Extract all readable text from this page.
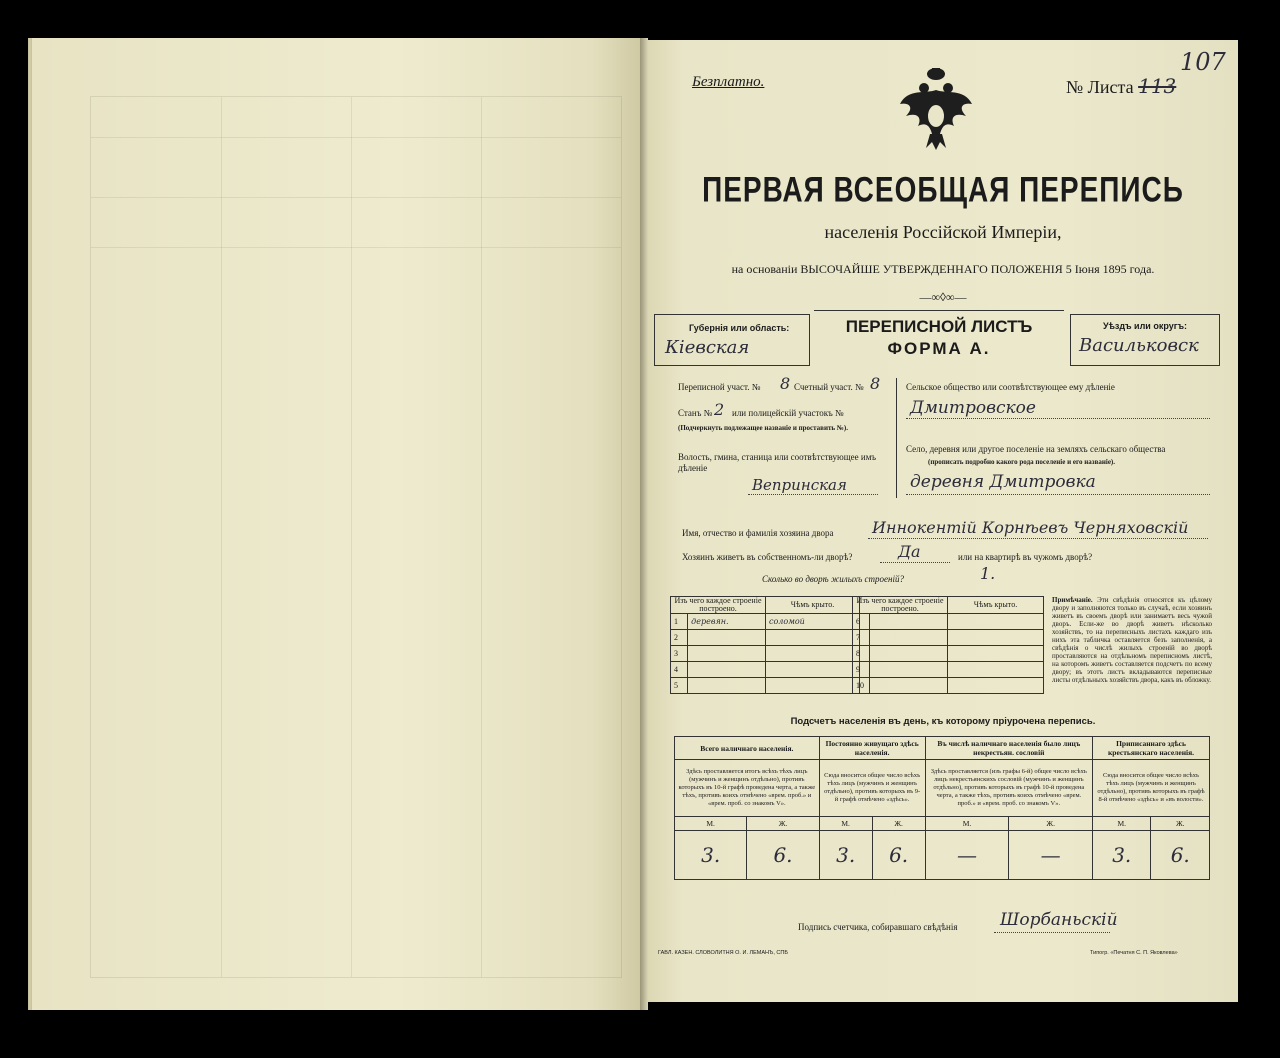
Безплатно.	№ Листа 113
107
ПЕРВАЯ ВСЕОБЩАЯ ПЕРЕПИСЬ
населенія Россійской Имперіи,
на основаніи ВЫСОЧАЙШЕ УТВЕРЖДЕННАГО ПОЛОЖЕНІЯ 5 Іюня 1895 года.
—∞◊∞—
Губернія или область:
Кіевская
ПЕРЕПИСНОЙ ЛИСТЪ
ФОРМА А.
Уѣздъ или округъ:
Васильковск
Переписной участ. № 8 Счетный участ. № 8
Станъ № 2 или полицейскій участокъ №
(Подчеркнуть подлежащее названіе и проставить №).
Волость, гмина, станица или соотвѣтствующее имъ дѣленіе
Вепринская
Сельское общество или соотвѣтствующее ему дѣленіе
Дмитровское
Село, деревня или другое поселеніе на земляхъ сельскаго общества
(прописать подробно какого рода поселеніе и его названіе).
деревня Дмитровка
Имя, отчество и фамилія хозяина двора Иннокентій Корнѣевъ Черняховскій
Хозяинъ живетъ въ собственномъ-ли дворѣ?	Да	или на квартирѣ въ чужомъ дворѣ?
Сколько во дворѣ жилыхъ строеній?	1.
Изъ чего каждое строеніе построено.		Чѣмъ крыто.
1	деревян.	соломой
2		
3		
4		
5		
Изъ чего каждое строеніе построено.		Чѣмъ крыто.
6		
7		
8		
9		
10		
Примѣчаніе. Эти свѣдѣнія относятся къ цѣлому двору и заполняются только въ случаѣ, если хозяинъ живетъ въ своемъ дворѣ или занимаетъ весь чужой дворъ. Если-же во дворѣ живетъ нѣсколько хозяйствъ, то на переписныхъ листахъ каждаго изъ нихъ эта табличка оставляется безъ заполненія, а свѣдѣнія о числѣ жилыхъ строеній во дворѣ проставляются на отдѣльномъ переписномъ листѣ, на которомъ живетъ составляется подсчетъ по всему двору; въ этотъ листъ вкладываются переписные листы отдѣльныхъ хозяйствъ двора, какъ въ обложку.
Подсчетъ населенія въ день, къ которому пріурочена перепись.
Всего наличнаго населенія.		Постоянно живущаго здѣсь населенія.		Въ числѣ наличнаго населенія было лицъ некрестьян. сословій		Приписаннаго здѣсь крестьянскаго населенія.	
Здѣсь проставляется итогъ всѣхъ тѣхъ лицъ (мужчинъ и женщинъ отдѣльно), противъ которыхъ въ 10-й графѣ проведена черта, а также тѣхъ, противъ коихъ отмѣчено «врем. проб.» и «врем. проб. со знакомъ V».		Сюда вносится общее число всѣхъ тѣхъ лицъ (мужчинъ и женщинъ отдѣльно), противъ которыхъ въ 9-й графѣ отмѣчено «здѣсь».		Здѣсь проставляется (изъ графы 6-й) общее число всѣхъ лицъ некрестьянскихъ сословій (мужчинъ и женщинъ отдѣльно), противъ которыхъ въ графѣ 10-й проведена черта, а также тѣхъ, противъ коихъ отмѣчено «врем. проб.» и «врем. проб. со знакомъ V».		Сюда вносится общее число всѣхъ тѣхъ лицъ (мужчинъ и женщинъ отдѣльно), противъ которыхъ въ графѣ 8-й отмѣчено «здѣсь» и «въ волости».	
М.	Ж.	М.	Ж.	М.	Ж.	М.	Ж.
3.	6.	3.	6.	—	—	3.	6.
Подпись счетчика, собиравшаго свѣдѣнія	Шорбаньскій
ГАВЛ. КАЗЕН. СЛОВОЛИТНЯ О. И. ЛЕМАНЪ, СПБ	Типогр. «Печатня С. П. Яковлева»
